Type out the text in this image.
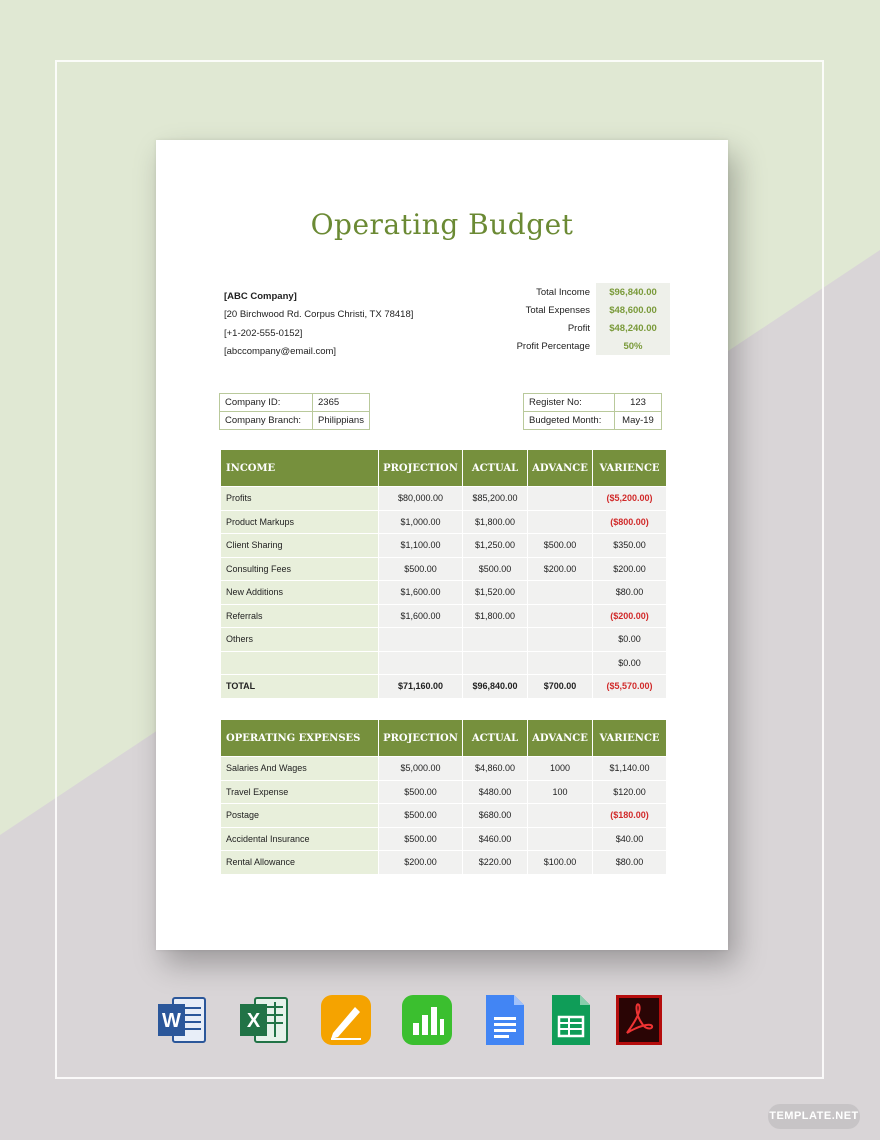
Operating Budget
[ABC Company]
[20 Birchwood Rd. Corpus Christi, TX 78418]
[+1-202-555-0152]
[abccompany@email.com]
Total Income	$96,840.00
Total Expenses	$48,600.00
Profit	$48,240.00
Profit Percentage	50%
Company ID:	2365
Company Branch:	Philippians
Register No:	123
Budgeted Month:	May-19
INCOME	PROJECTION	ACTUAL	ADVANCE	VARIENCE
Profits	$80,000.00	$85,200.00		($5,200.00)
Product Markups	$1,000.00	$1,800.00		($800.00)
Client Sharing	$1,100.00	$1,250.00	$500.00	$350.00
Consulting Fees	$500.00	$500.00	$200.00	$200.00
New Additions	$1,600.00	$1,520.00		$80.00
Referrals	$1,600.00	$1,800.00		($200.00)
Others				$0.00
				$0.00
TOTAL	$71,160.00	$96,840.00	$700.00	($5,570.00)
OPERATING EXPENSES	PROJECTION	ACTUAL	ADVANCE	VARIENCE
Salaries And Wages	$5,000.00	$4,860.00	1000	$1,140.00
Travel Expense	$500.00	$480.00	100	$120.00
Postage	$500.00	$680.00		($180.00)
Accidental Insurance	$500.00	$460.00		$40.00
Rental Allowance	$200.00	$220.00	$100.00	$80.00
W	X
TEMPLATE.NET
